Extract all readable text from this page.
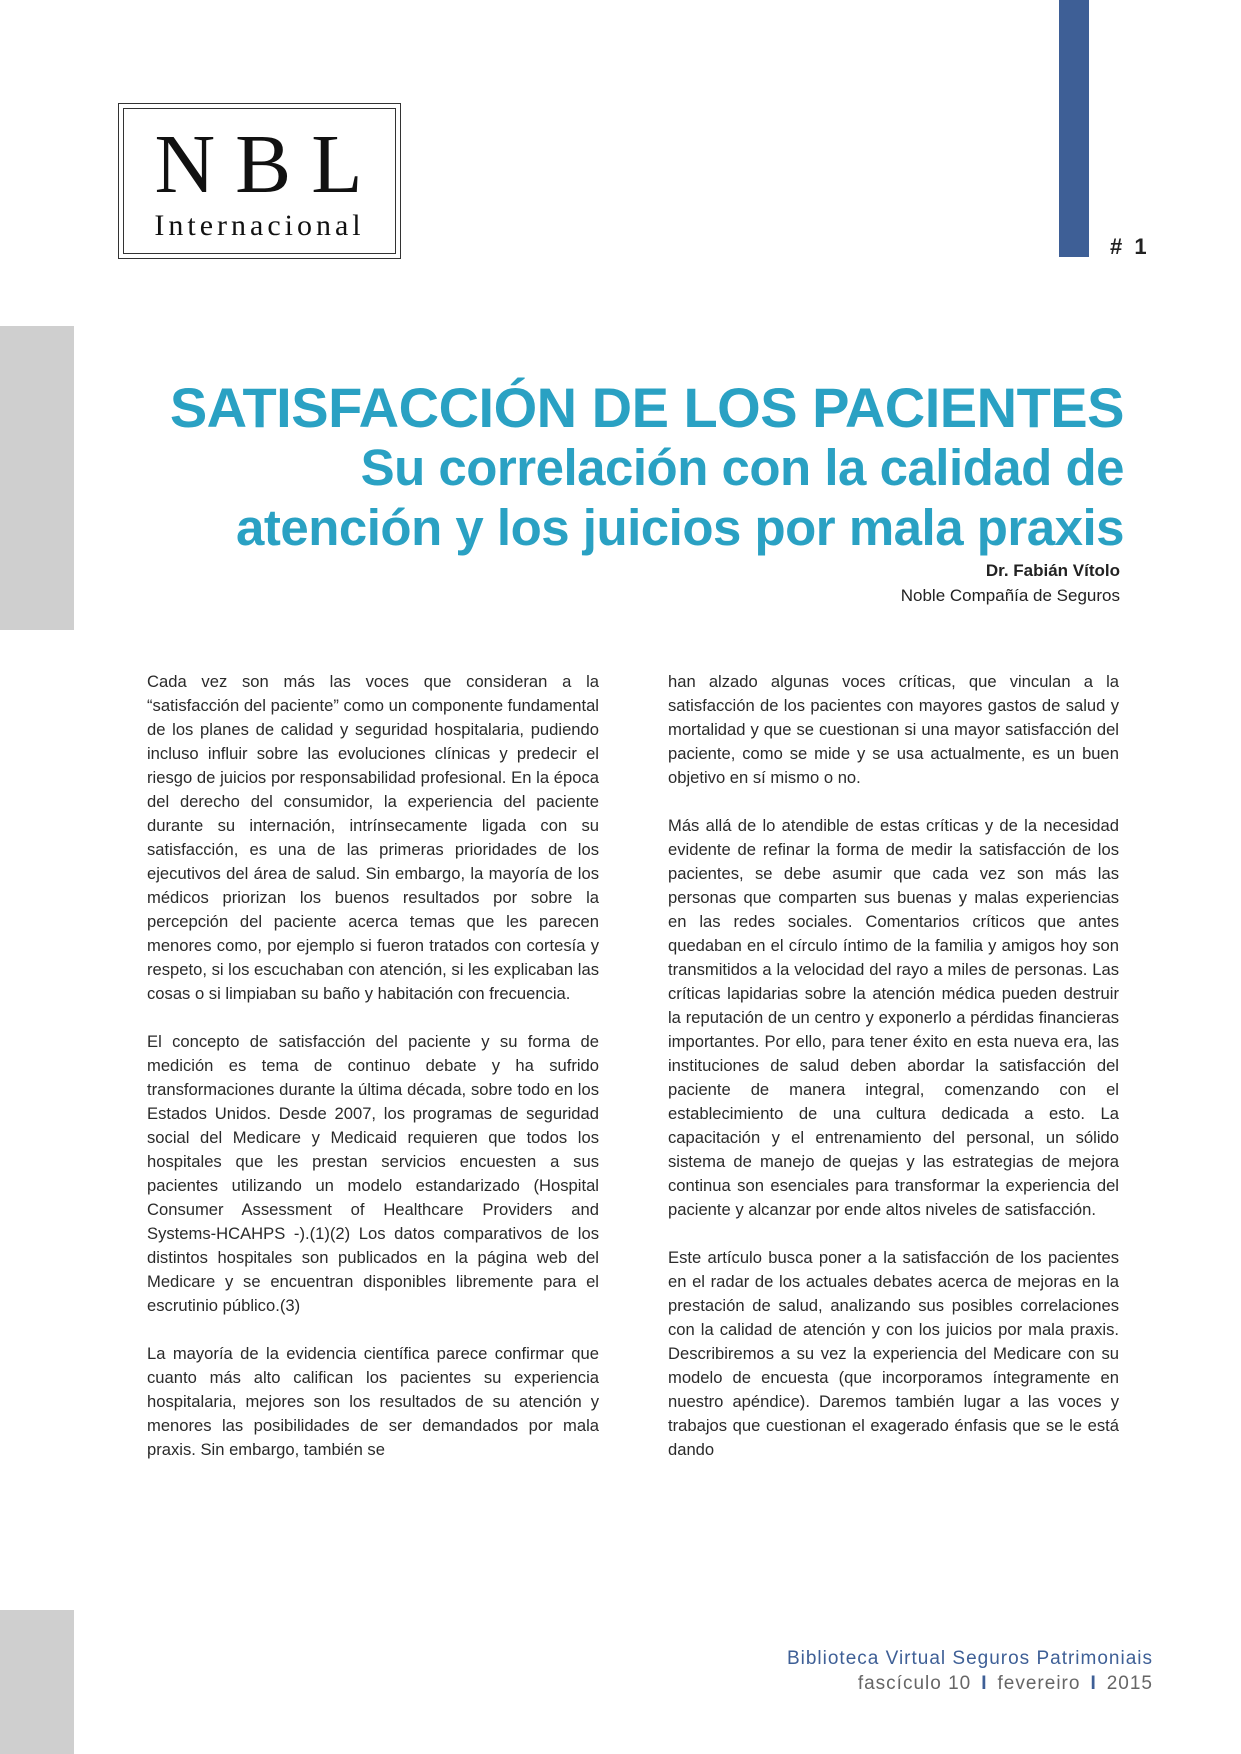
# 1
NBL
Internacional
SATISFACCIÓN DE LOS PACIENTES
Su correlación con la calidad de
atención y los juicios por mala praxis
Dr. Fabián Vítolo
Noble Compañía de Seguros

Cada vez son más las voces que consideran a la “satisfacción del paciente” como un componente fundamental de los planes de calidad y seguridad hospitalaria, pudiendo incluso influir sobre las evoluciones clínicas y predecir el riesgo de juicios por responsabilidad profesional. En la época del derecho del consumidor, la experiencia del paciente durante su internación, intrínsecamente ligada con su satisfacción, es una de las primeras prioridades de los ejecutivos del área de salud. Sin embargo, la mayoría de los médicos priorizan los buenos resultados por sobre la percepción del paciente acerca temas que les parecen menores como, por ejemplo si fueron tratados con cortesía y respeto, si los escuchaban con atención, si les explicaban las cosas o si limpiaban su baño y habitación con frecuencia.

El concepto de satisfacción del paciente y su forma de medición es tema de continuo debate y ha sufrido transformaciones durante la última década, sobre todo en los Estados Unidos. Desde 2007, los programas de seguridad social del Medicare y Medicaid requieren que todos los hospitales que les prestan servicios encuesten a sus pacientes utilizando un modelo estandarizado (Hospital Consumer Assessment of Healthcare Providers and Systems-HCAHPS -).(1)(2) Los datos comparativos de los distintos hospitales son publicados en la página web del Medicare y se encuentran disponibles libremente para el escrutinio público.(3)

La mayoría de la evidencia científica parece confirmar que cuanto más alto califican los pacientes su experiencia hospitalaria, mejores son los resultados de su atención y menores las posibilidades de ser demandados por mala praxis. Sin embargo, también se

han alzado algunas voces críticas, que vinculan a la satisfacción de los pacientes con mayores gastos de salud y mortalidad y que se cuestionan si una mayor satisfacción del paciente, como se mide y se usa actualmente, es un buen objetivo en sí mismo o no.

Más allá de lo atendible de estas críticas y de la necesidad evidente de refinar la forma de medir la satisfacción de los pacientes, se debe asumir que cada vez son más las personas que comparten sus buenas y malas experiencias en las redes sociales. Comentarios críticos que antes quedaban en el círculo íntimo de la familia y amigos hoy son transmitidos a la velocidad del rayo a miles de personas. Las críticas lapidarias sobre la atención médica pueden destruir la reputación de un centro y exponerlo a pérdidas financieras importantes. Por ello, para tener éxito en esta nueva era, las instituciones de salud deben abordar la satisfacción del paciente de manera integral, comenzando con el establecimiento de una cultura dedicada a esto. La capacitación y el entrenamiento del personal, un sólido sistema de manejo de quejas y las estrategias de mejora continua son esenciales para transformar la experiencia del paciente y alcanzar por ende altos niveles de satisfacción.

Este artículo busca poner a la satisfacción de los pacientes en el radar de los actuales debates acerca de mejoras en la prestación de salud, analizando sus posibles correlaciones con la calidad de atención y con los juicios por mala praxis. Describiremos a su vez la experiencia del Medicare con su modelo de encuesta (que incorporamos íntegramente en nuestro apéndice). Daremos también lugar a las voces y trabajos que cuestionan el exagerado énfasis que se le está dando

Biblioteca Virtual Seguros Patrimoniais
fascículo 10 I fevereiro I 2015
